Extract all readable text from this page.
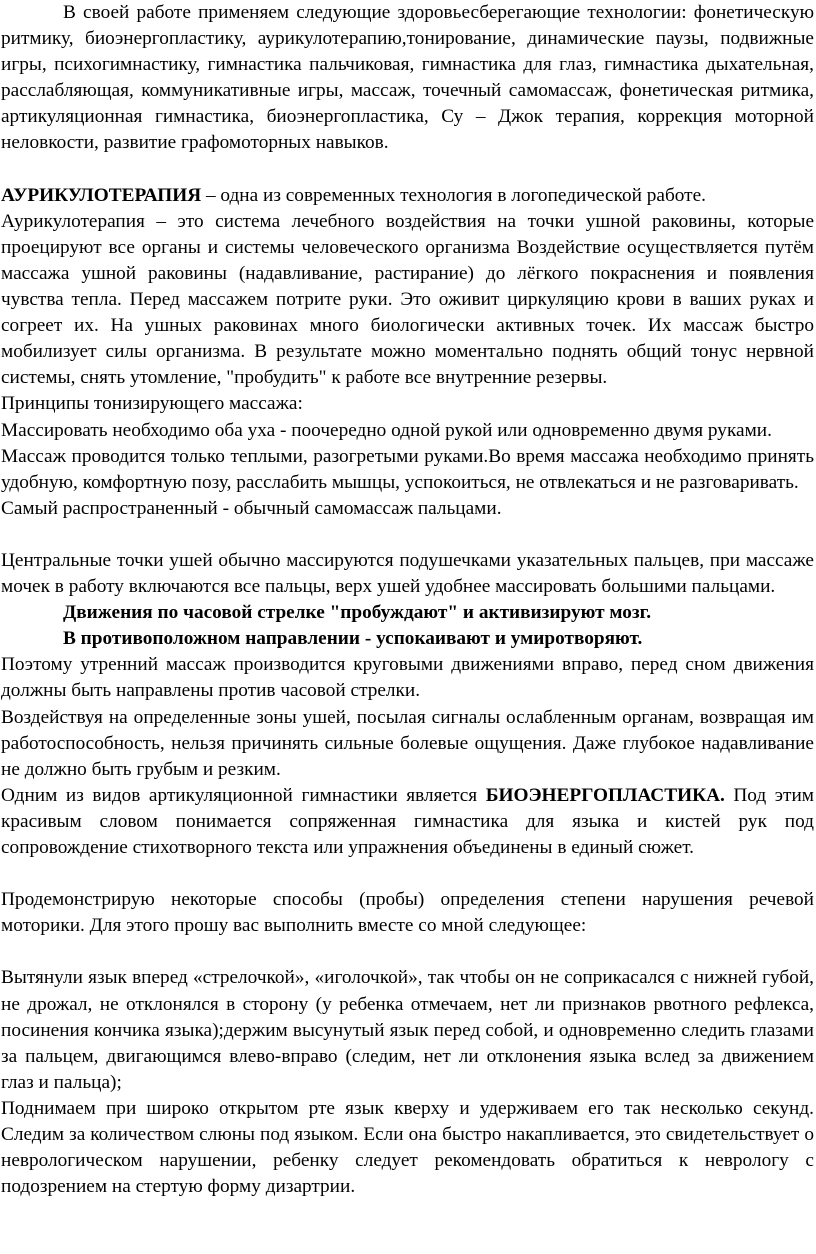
В своей работе применяем следующие здоровьесберегающие технологии: фонетическую ритмику, биоэнергопластику, аурикулотерапию,тонирование, динамические паузы, подвижные игры, психогимнастику, гимнастика пальчиковая, гимнастика для глаз, гимнастика дыхательная, расслабляющая, коммуникативные игры, массаж, точечный самомассаж, фонетическая ритмика, артикуляционная гимнастика, биоэнергопластика, Су – Джок терапия, коррекция моторной неловкости, развитие графомоторных навыков.

АУРИКУЛОТЕРАПИЯ – одна из современных технология в логопедической работе.

Аурикулотерапия – это система лечебного воздействия на точки ушной раковины, которые проецируют все органы и системы человеческого организма Воздействие осуществляется путём массажа ушной раковины (надавливание, растирание) до лёгкого покраснения и появления чувства тепла. Перед массажем потрите руки. Это оживит циркуляцию крови в ваших руках и согреет их. На ушных раковинах много биологически активных точек. Их массаж быстро мобилизует силы организма. В результате можно моментально поднять общий тонус нервной системы, снять утомление, "пробудить" к работе все внутренние резервы.

Принципы тонизирующего массажа:

Массировать необходимо оба уха - поочередно одной рукой или одновременно двумя руками.

Массаж проводится только теплыми, разогретыми руками.Во время массажа необходимо принять удобную, комфортную позу, расслабить мышцы, успокоиться, не отвлекаться и не разговаривать.

Самый распространенный - обычный самомассаж пальцами.

Центральные точки ушей обычно массируются подушечками указательных пальцев, при массаже мочек в работу включаются все пальцы, верх ушей удобнее массировать большими пальцами.

Движения по часовой стрелке "пробуждают" и активизируют мозг.

В противоположном направлении - успокаивают и умиротворяют.

Поэтому утренний массаж производится круговыми движениями вправо, перед сном движения должны быть направлены против часовой стрелки.

Воздействуя на определенные зоны ушей, посылая сигналы ослабленным органам, возвращая им работоспособность, нельзя причинять сильные болевые ощущения. Даже глубокое надавливание не должно быть грубым и резким.

Одним из видов артикуляционной гимнастики является БИОЭНЕРГОПЛАСТИКА. Под этим красивым словом понимается сопряженная гимнастика для языка и кистей рук под сопровождение стихотворного текста или упражнения объединены в единый сюжет.

Продемонстрирую некоторые способы (пробы) определения степени нарушения речевой моторики. Для этого прошу вас выполнить вместе со мной следующее:

Вытянули язык вперед «стрелочкой», «иголочкой», так чтобы он не соприкасался с нижней губой, не дрожал, не отклонялся в сторону (у ребенка отмечаем, нет ли признаков рвотного рефлекса, посинения кончика языка);держим высунутый язык перед собой, и одновременно следить глазами за пальцем, двигающимся влево-вправо (следим, нет ли отклонения языка вслед за движением глаз и пальца);

Поднимаем при широко открытом рте язык кверху и удерживаем его так несколько секунд. Следим за количеством слюны под языком. Если она быстро накапливается, это свидетельствует о неврологическом нарушении, ребенку следует рекомендовать обратиться к неврологу с подозрением на стертую форму дизартрии.
